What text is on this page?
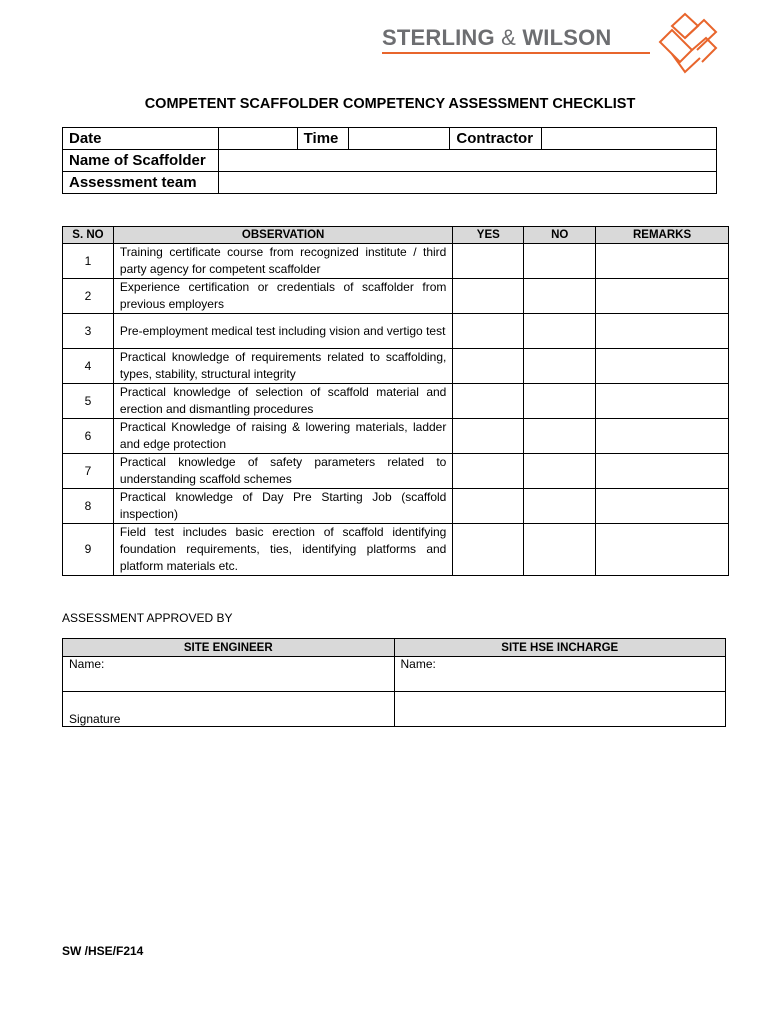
STERLING & WILSON
COMPETENT SCAFFOLDER COMPETENCY ASSESSMENT CHECKLIST
Date		Time		Contractor	
Name of Scaffolder					
Assessment team					
S. NO	OBSERVATION	YES	NO	REMARKS
1	Training certificate course from recognized institute / third party agency for competent scaffolder			
2	Experience certification or credentials of scaffolder from previous employers			
3	Pre-employment medical test including vision and vertigo test			
4	Practical knowledge of requirements related to scaffolding, types, stability, structural integrity			
5	Practical knowledge of selection of scaffold material and erection and dismantling procedures			
6	Practical Knowledge of raising & lowering materials, ladder and edge protection			
7	Practical knowledge of safety parameters related to understanding scaffold schemes			
8	Practical knowledge of Day Pre Starting Job (scaffold inspection)			
9	Field test includes basic erection of scaffold identifying foundation requirements, ties, identifying platforms and platform materials etc.			
ASSESSMENT APPROVED BY
SITE ENGINEER	SITE HSE INCHARGE
Name:	Name:
Signature	
SW /HSE/F214
